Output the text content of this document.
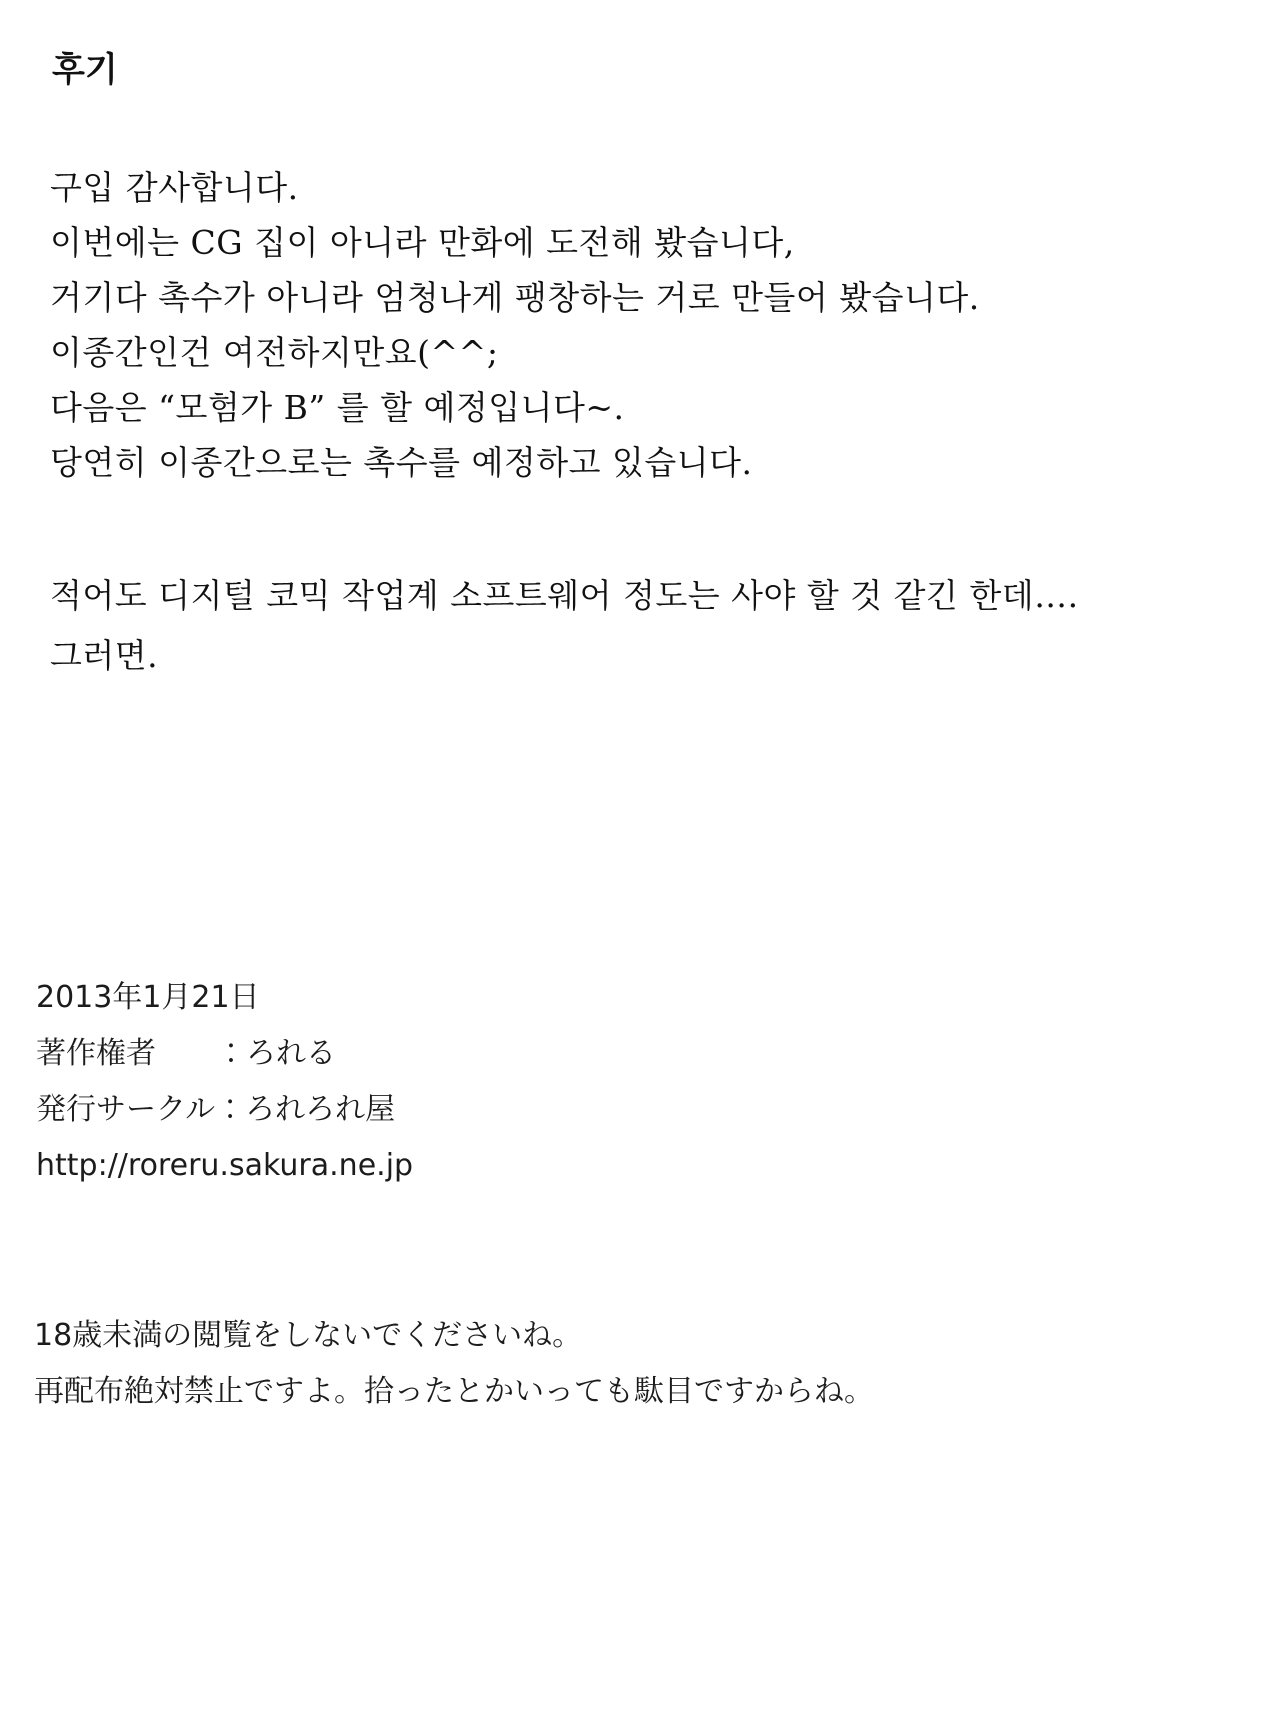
후기
구입 감사합니다.
이번에는 CG 집이 아니라 만화에 도전해 봤습니다,
거기다 촉수가 아니라 엄청나게 팽창하는 거로 만들어 봤습니다.
이종간인건 여전하지만요(^^;
다음은 “모험가 B” 를 할 예정입니다~.
당연히 이종간으로는 촉수를 예정하고 있습니다.
적어도 디지털 코믹 작업계 소프트웨어 정도는 사야 할 것 같긴 한데….
그러면.
2013年1月21日
著作権者　　：ろれる
発行サークル：ろれろれ屋
http://roreru.sakura.ne.jp
18歳未満の閲覧をしないでくださいね。
再配布絶対禁止ですよ。拾ったとかいっても駄目ですからね。
